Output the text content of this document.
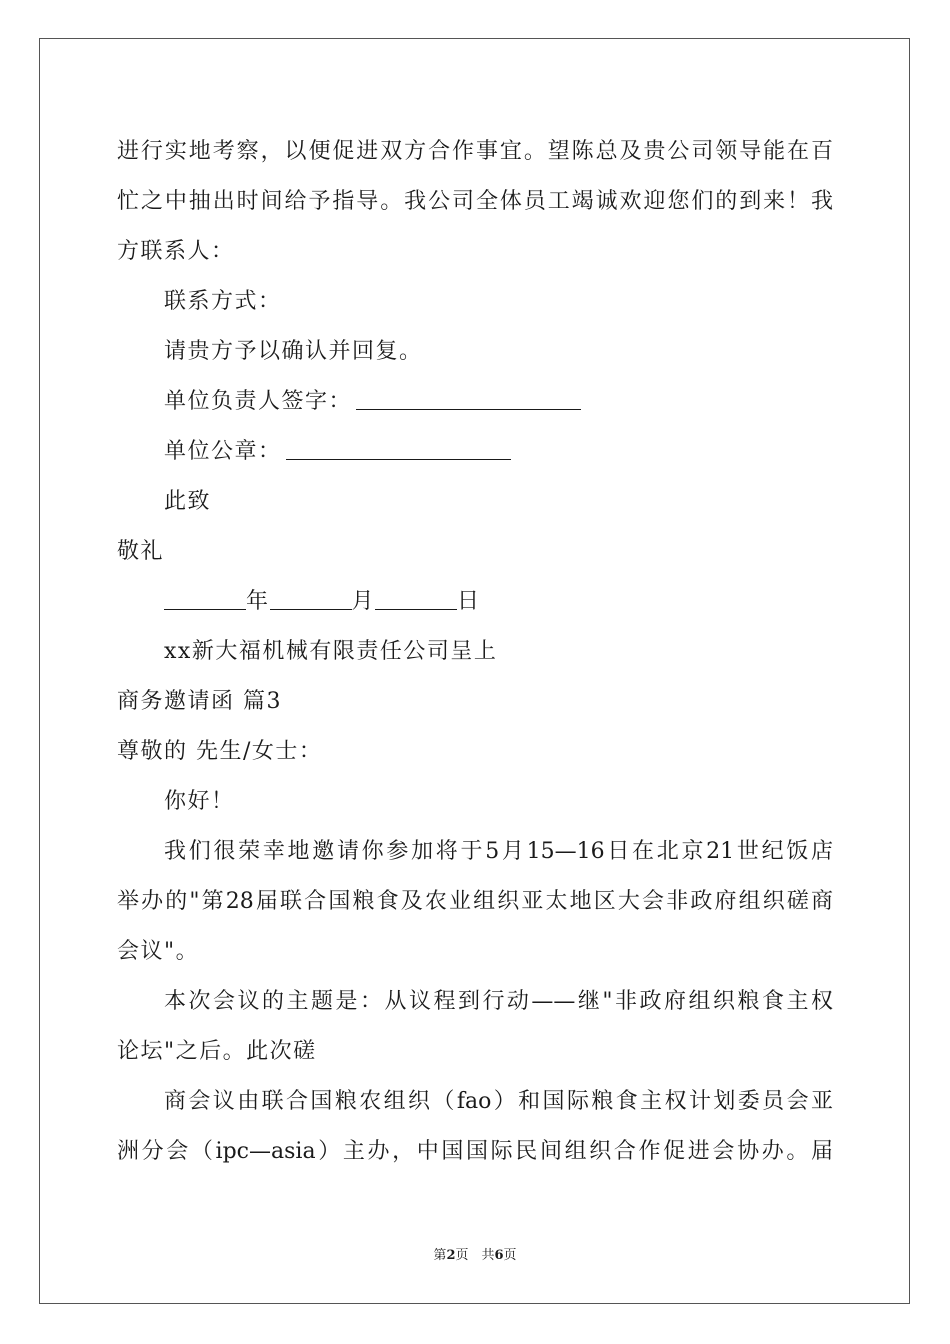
进行实地考察，以便促进双方合作事宜。望陈总及贵公司领导能在百
忙之中抽出时间给予指导。我公司全体员工竭诚欢迎您们的到来！我
方联系人：
联系方式：
请贵方予以确认并回复。
单位负责人签字：
单位公章：
此致
敬礼
年	月	日
xx新大福机械有限责任公司呈上
商务邀请函 篇3
尊敬的 先生/女士：
你好！
我们很荣幸地邀请你参加将于5月15—16日在北京21世纪饭店
举办的"第28届联合国粮食及农业组织亚太地区大会非政府组织磋商
会议"。
本次会议的主题是：从议程到行动——继"非政府组织粮食主权
论坛"之后。此次磋
商会议由联合国粮农组织（fao）和国际粮食主权计划委员会亚
洲分会（ipc—asia）主办，中国国际民间组织合作促进会协办。届
第2页　共6页
